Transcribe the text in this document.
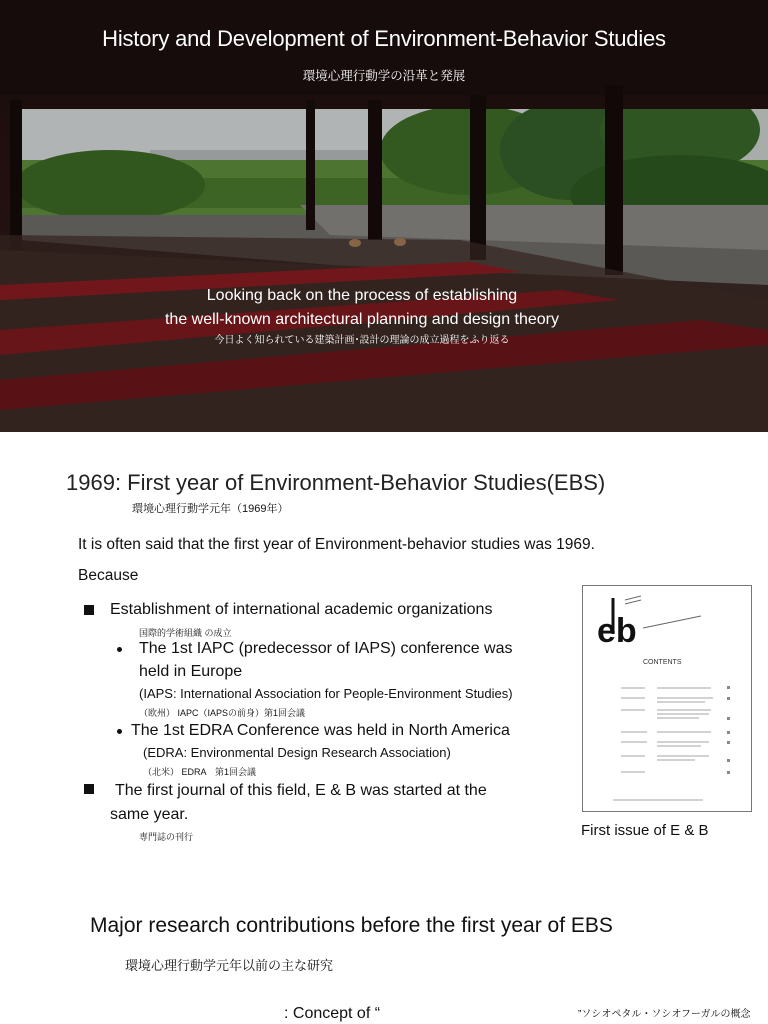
History and Development of Environment-Behavior Studies
環境心理行動学の沿革と発展
Looking back on the process of establishing
the well-known architectural planning and design theory
今日よく知られている建築計画･設計の理論の成立過程をふり返る
1969: First year of Environment-Behavior Studies(EBS)
環境心理行動学元年（1969年）
It is often said that the first year of Environment-behavior studies was 1969.
Because
Establishment of international academic organizations
国際的学術組織 の成立
The 1st IAPC (predecessor of IAPS) conference was
held in Europe
(IAPS: International Association for People-Environment Studies)
（欧州） IAPC（IAPSの前身）第1回会議
The 1st EDRA Conference was held in North America
(EDRA: Environmental Design Research Association)
（北米） EDRA　第1回会議
The first journal of this field, E & B was started at the
same year.
専門誌の刊行
eb
CONTENTS
First issue of E & B
Major research contributions before the first year of EBS
環境心理行動学元年以前の主な研究
: Concept of “	”ソシオペタル・ソシオフーガルの概念
